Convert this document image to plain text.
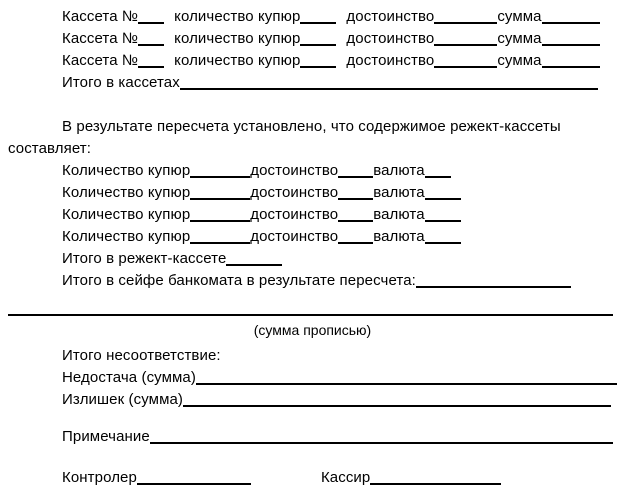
Кассета № количество купюр	достоинство	сумма
Кассета № количество купюр	достоинство	сумма
Кассета № количество купюр	достоинство	сумма
Итого в кассетах
В результате пересчета установлено, что содержимое режект-кассеты
составляет:
Количество купюр	достоинство валюта
Количество купюр	достоинство валюта
Количество купюр	достоинство валюта
Количество купюр	достоинство валюта
Итого в режект-кассете
Итого в сейфе банкомата в результате пересчета:
(сумма прописью)
Итого несоответствие:
Недостача (сумма)
Излишек (сумма)
Примечание
Контролер	Кассир
